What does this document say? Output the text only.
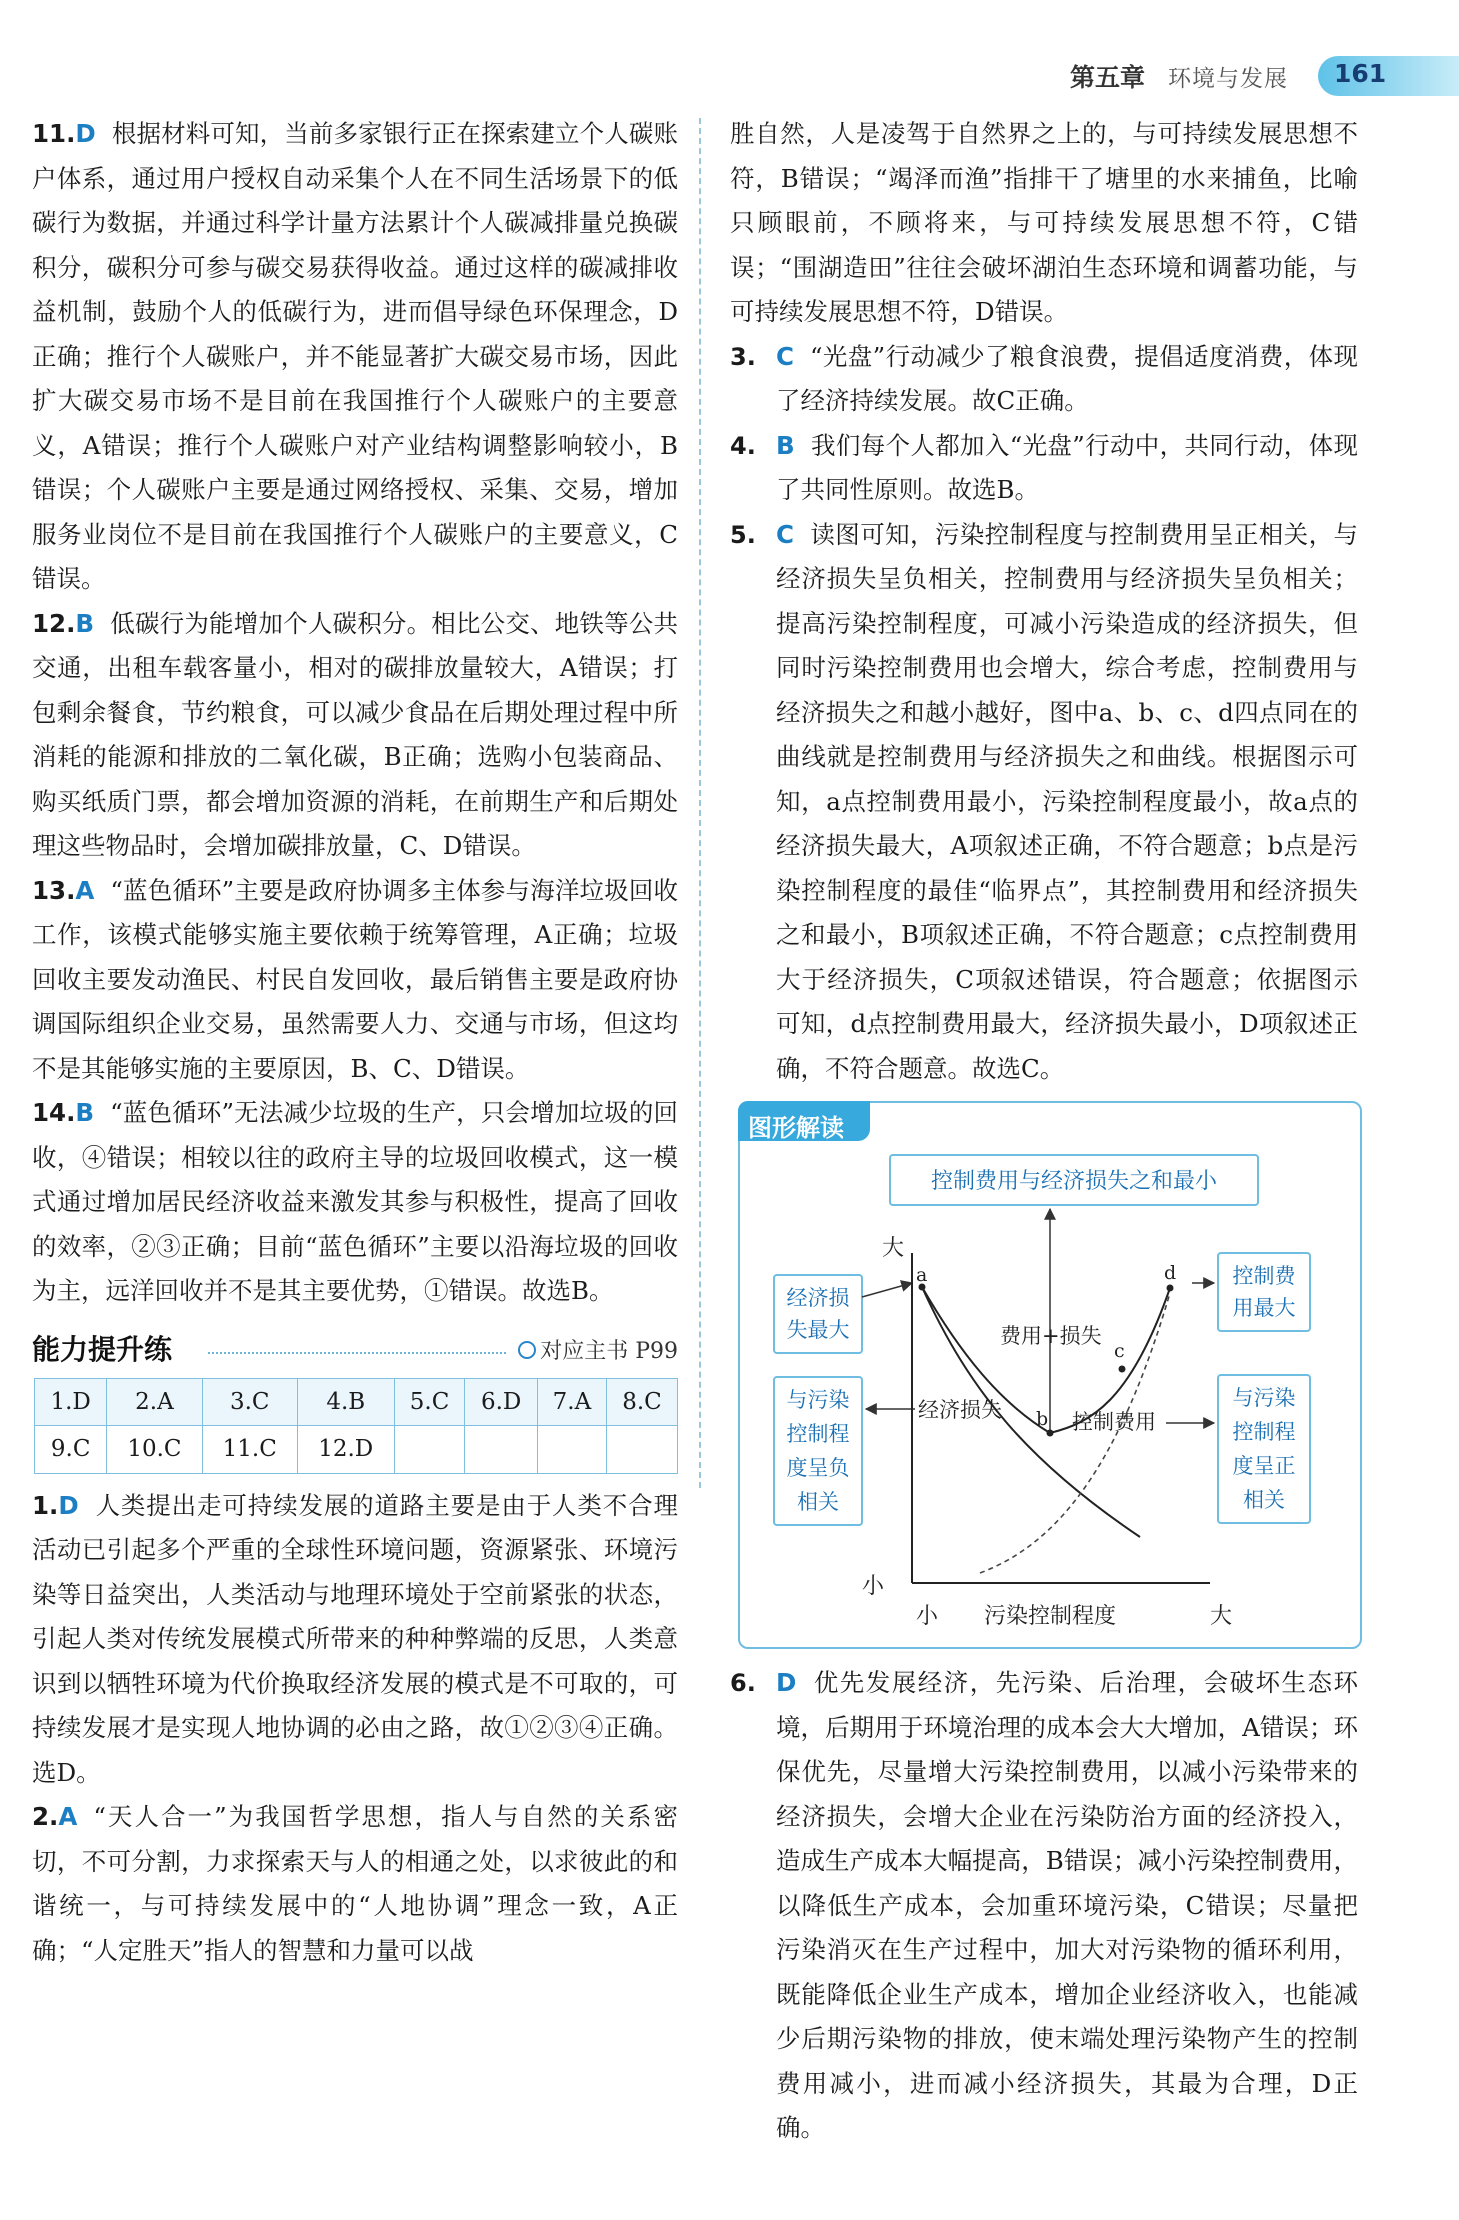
第五章 环境与发展 161

11.D 根据材料可知，当前多家银行正在探索建立个人碳账户体系，通过用户授权自动采集个人在不同生活场景下的低碳行为数据，并通过科学计量方法累计个人碳减排量兑换碳积分，碳积分可参与碳交易获得收益。通过这样的碳减排收益机制，鼓励个人的低碳行为，进而倡导绿色环保理念，D正确；推行个人碳账户，并不能显著扩大碳交易市场，因此扩大碳交易市场不是目前在我国推行个人碳账户的主要意义，A错误；推行个人碳账户对产业结构调整影响较小，B错误；个人碳账户主要是通过网络授权、采集、交易，增加服务业岗位不是目前在我国推行个人碳账户的主要意义，C错误。

12.B 低碳行为能增加个人碳积分。相比公交、地铁等公共交通，出租车载客量小，相对的碳排放量较大，A错误；打包剩余餐食，节约粮食，可以减少食品在后期处理过程中所消耗的能源和排放的二氧化碳，B正确；选购小包装商品、购买纸质门票，都会增加资源的消耗，在前期生产和后期处理这些物品时，会增加碳排放量，C、D错误。

13.A “蓝色循环”主要是政府协调多主体参与海洋垃圾回收工作，该模式能够实施主要依赖于统筹管理，A正确；垃圾回收主要发动渔民、村民自发回收，最后销售主要是政府协调国际组织企业交易，虽然需要人力、交通与市场，但这均不是其能够实施的主要原因，B、C、D错误。

14.B “蓝色循环”无法减少垃圾的生产，只会增加垃圾的回收，④错误；相较以往的政府主导的垃圾回收模式，这一模式通过增加居民经济收益来激发其参与积极性，提高了回收的效率，②③正确；目前“蓝色循环”主要以沿海垃圾的回收为主，远洋回收并不是其主要优势，①错误。故选B。

能力提升练	对应主书 P99
1.D	2.A	3.C	4.B	5.C	6.D	7.A	8.C
9.C	10.C	11.C	12.D				

1.D 人类提出走可持续发展的道路主要是由于人类不合理活动已引起多个严重的全球性环境问题，资源紧张、环境污染等日益突出，人类活动与地理环境处于空前紧张的状态，引起人类对传统发展模式所带来的种种弊端的反思，人类意识到以牺牲环境为代价换取经济发展的模式是不可取的，可持续发展才是实现人地协调的必由之路，故①②③④正确。选D。

2.A “天人合一”为我国哲学思想，指人与自然的关系密切，不可分割，力求探索天与人的相通之处，以求彼此的和谐统一，与可持续发展中的“人地协调”理念一致，A正确；“人定胜天”指人的智慧和力量可以战

胜自然，人是凌驾于自然界之上的，与可持续发展思想不符，B错误；“竭泽而渔”指排干了塘里的水来捕鱼，比喻只顾眼前，不顾将来，与可持续发展思想不符，C错误；“围湖造田”往往会破坏湖泊生态环境和调蓄功能，与可持续发展思想不符，D错误。

3. C “光盘”行动减少了粮食浪费，提倡适度消费，体现了经济持续发展。故C正确。

4. B 我们每个人都加入“光盘”行动中，共同行动，体现了共同性原则。故选B。

5. C 读图可知，污染控制程度与控制费用呈正相关，与经济损失呈负相关，控制费用与经济损失呈负相关；提高污染控制程度，可减小污染造成的经济损失，但同时污染控制费用也会增大，综合考虑，控制费用与经济损失之和越小越好，图中a、b、c、d四点同在的曲线就是控制费用与经济损失之和曲线。根据图示可知，a点控制费用最小，污染控制程度最小，故a点的经济损失最大，A项叙述正确，不符合题意；b点是污染控制程度的最佳“临界点”，其控制费用和经济损失之和最小，B项叙述正确，不符合题意；c点控制费用大于经济损失，C项叙述错误，符合题意；依据图示可知，d点控制费用最大，经济损失最小，D项叙述正确，不符合题意。故选C。

控制费用与经济损失之和最小
经济损
失最大
与污染
控制程
度呈负
相关
控制费
用最大
与污染
控制程
度呈正
相关
大
小
小 污染控制程度	大
a
b
c
d
费用+损失
经济损失	控制费用
图形解读

6. D 优先发展经济，先污染、后治理，会破坏生态环境，后期用于环境治理的成本会大大增加，A错误；环保优先，尽量增大污染控制费用，以减小污染带来的经济损失，会增大企业在污染防治方面的经济投入，造成生产成本大幅提高，B错误；减小污染控制费用，以降低生产成本，会加重环境污染，C错误；尽量把污染消灭在生产过程中，加大对污染物的循环利用，既能降低企业生产成本，增加企业经济收入，也能减少后期污染物的排放，使末端处理污染物产生的控制费用减小，进而减小经济损失，其最为合理，D正确。
